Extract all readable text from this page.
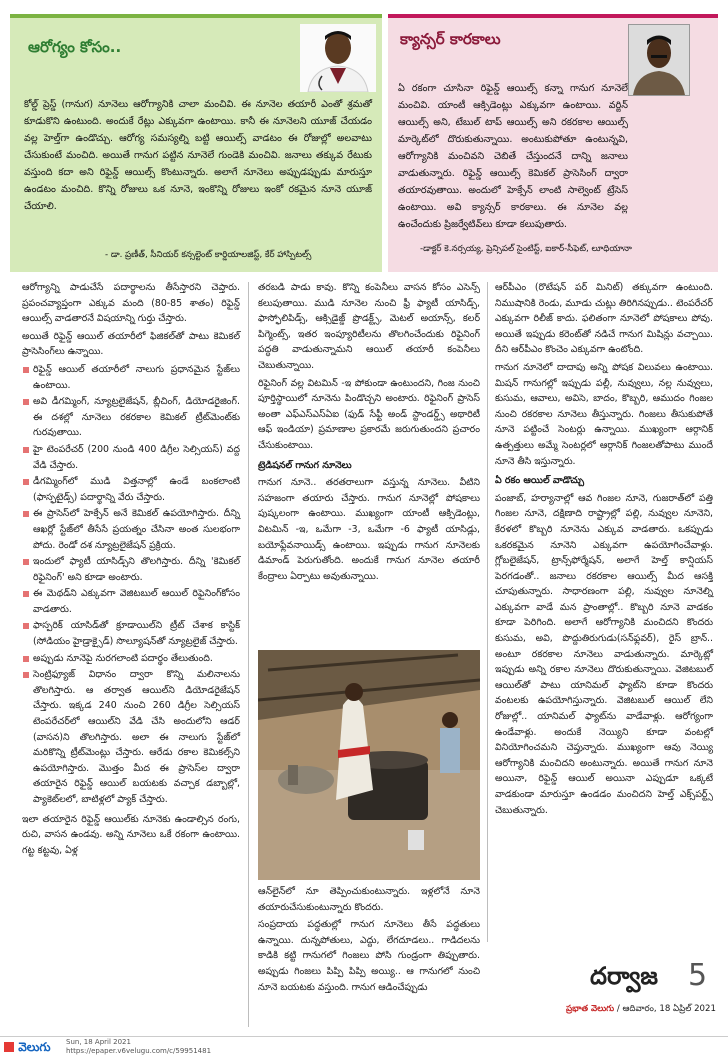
ఆరోగ్యం కోసం..
కోల్డ్ ప్రెస్డ్ (గానుగ) నూనెలు ఆరోగ్యానికి చాలా మంచివి. ఈ నూనెల తయారీ ఎంతో శ్రమతో కూడుకొని ఉంటుంది. అందుకే రేట్లు ఎక్కువగా ఉంటాయి. కానీ ఈ నూనెలని యూజ్ చేయడం వల్ల హెల్త్‌గా ఉండొచ్చు. ఆరోగ్య సమస్యల్ని బట్టి ఆయిల్స్ వాడటం ఈ రోజుల్లో అలవాటు చేసుకుంటే మంచిది. అయితే గానుగ పట్టిన నూనెలే గుండెకి మంచివి. జనాలు తక్కువ రేటుకు వస్తుంది కదా అని రిఫైన్డ్ ఆయిల్స్ కొంటున్నారు. అలాగే నూనెలు అప్పుడప్పుడు మారుస్తూ ఉండటం మంచిది. కొన్ని రోజులు ఒక నూనె, ఇంకొన్ని రోజులు ఇంకో రకమైన నూనె యూజ్ చేయాలి.
- డా. ప్రణీత్, సీనియర్ కన్సల్టెంట్ కార్డియాలజిస్ట్, కేర్ హాస్పిటల్స్
క్యాన్సర్ కారకాలు
ఏ రకంగా చూసినా రిఫైన్డ్ ఆయిల్స్ కన్నా గానుగ నూనెలే మంచివి. యాంటీ ఆక్సిడెంట్లు ఎక్కువగా ఉంటాయి. వర్జిన్ ఆయిల్స్ అని, టేబుల్ టాప్ ఆయిల్స్ అని రకరకాల ఆయిల్స్ మార్కెట్‌లో దొరుకుతున్నాయి. అంటుకుపోతూ ఉంటున్నవి, ఆరోగ్యానికి మంచివని చెబితే చేస్తుందనే దాన్ని జనాలు వాడుతున్నారు. రిఫైన్డ్ ఆయిల్స్ కెమికల్ ప్రాసెసింగ్ ద్వారా తయారవుతాయి. అందులో హెక్సేన్ లాంటి సాల్వెంట్ ట్రేసెస్ ఉంటాయి. అవి క్యాన్సర్ కారకాలు. ఈ నూనెల వల్ల ఉంచేందుకు ప్రిజర్వేటివ్‌లు కూడా కలుపుతారు.
-డాక్టర్ కె.నర్సయ్య, ప్రెన్సిపల్ సైంటిస్ట్, ఐకార్-సీఫెట్, లూధియానా

ఆరోగ్యాన్ని పాడుచేసే పదార్థాలను తీసేస్తారని చెప్తారు. ప్రపంచవ్యాప్తంగా ఎక్కువ మంది (80-85 శాతం) రిఫైన్డ్ ఆయిల్స్ వాడతారనే విషయాన్ని గుర్తు చేస్తారు.

అయితే రిఫైన్డ్ ఆయిల్ తయారీలో ఫిజికల్‌తో పాటు కెమికల్ ప్రాసెసింగ్‌లు ఉన్నాయి.

రిఫైన్డ్ ఆయిల్ తయారీలో నాలుగు ప్రధానమైన స్టేజ్‌లు ఉంటాయి.
అవి డీగమ్మింగ్, న్యూట్రలైజేషన్, బ్లీచింగ్, డియోడరైజింగ్. ఈ దశల్లో నూనెలు రకరకాల కెమికల్ ట్రీట్‌మెంట్‌కు గురవుతాయి.
హై టెంపరేచర్ (200 నుండి 400 డిగ్రీల సెల్సియస్) వద్ద వేడి చేస్తారు.
డీగమ్మింగ్‌లో ముడి విత్తనాల్లో ఉండే బంకలాంటి (ఫాస్ఫటైడ్స్) పదార్థాన్ని వేరు చేస్తారు.
ఈ ప్రాసెస్‌లో హెక్సేన్ అనే కెమికల్ ఉపయోగిస్తారు. దీన్ని ఆఖర్లో స్టేజ్‌లో తీసేసే ప్రయత్నం చేసినా అంత సులభంగా పోదు. రెండో దశ న్యూట్రలైజేషన్ ప్రక్రియ.
ఇందులో ఫ్యాటీ యాసిడ్స్‌ని తొలగిస్తారు. దీన్ని 'కెమికల్ రిఫైనింగ్' అని కూడా అంటారు.
ఈ మెథడ్‌ని ఎక్కువగా వెజిటబుల్ ఆయిల్ రిఫైనింగ్‌కోసం వాడతారు.
ఫాస్పరిక్ యాసిడ్‌తో క్రూడాయిల్‌ని ట్రీట్ చేశాక కాస్టిక్ (సోడియం హైడ్రాక్సైడ్) సొల్యూషన్‌తో న్యూట్రలైజ్ చేస్తారు.
అప్పుడు నూనెపై నురగలాంటి పదార్థం తేలుతుంది.
సెంట్రిఫ్యూజ్ విధానం ద్వారా కొన్ని మలినాలను తొలగిస్తారు. ఆ తర్వాత ఆయిల్‌ని డియోడరైజేషన్ చేస్తారు. ఇక్కడ 240 నుంచి 260 డిగ్రీల సెల్సియస్ టెంపరేచర్‌లో ఆయిల్‌ని వేడి చేసి అందులోని ఆడర్ (వాసన)ని తొలగిస్తారు. అలా ఈ నాలుగు స్టేజ్‌లో మరికొన్ని ట్రీట్‌మెంట్లు చేస్తారు. ఆరేడు రకాల కెమికల్స్‌ని ఉపయోగిస్తారు. మొత్తం మీద ఈ ప్రాసెస్‌ల ద్వారా తయారైన రిఫైన్డ్ ఆయిల్ బయటకు వచ్చాక డబ్బాల్లో, ప్యాకెట్‌లలో, బాటిళ్లలో ప్యాక్ చేస్తారు.

ఇలా తయారైన రిఫైన్డ్ ఆయిల్‌కు నూనెకు ఉండాల్సిన రంగు, రుచి, వాసన ఉండవు. అన్ని నూనెలు ఒకే రకంగా ఉంటాయి. గట్ట కట్టవు, ఏళ్ల

తరబడి పాడు కావు. కొన్ని కంపెనీలు వాసన కోసం ఎసెన్స్ కలుపుతాయి. ముడి నూనెల నుంచి ఫ్రీ ఫ్యాటీ యాసిడ్స్, ఫాస్ఫోలిపిడ్స్, ఆక్సిడైజ్డ్ ప్రొడక్ట్స్, మెటల్ అయాన్స్, కలర్ పిగ్మెంట్స్, ఇతర ఇంప్యూరిటీలను తొలగించేందుకు రిఫైనింగ్ పద్ధతి వాడుతున్నామని ఆయిల్ తయారీ కంపెనీలు చెబుతున్నాయి.

రిఫైనింగ్ వల్ల విటమిన్ -ఇ పోకుండా ఉంటుందని, గింజ నుంచి పూర్తిస్థాయిలో నూనెను పిండొచ్చని అంటారు. రిఫైనింగ్ ప్రాసెస్ అంతా ఎఫ్ఎస్ఎస్ఏఐ (ఫుడ్ సేఫ్టీ అండ్ స్టాండర్డ్స్ అథారిటీ ఆఫ్ ఇండియా) ప్రమాణాల ప్రకారమే జరుగుతుందని ప్రచారం చేసుకుంటాయి.

ట్రెడిషనల్ గానుగ నూనెలు

గానుగ నూనె.. తరతరాలుగా వస్తున్న నూనెలు. వీటిని సహజంగా తయారు చేస్తారు. గానుగ నూనెల్లో పోషకాలు పుష్కలంగా ఉంటాయి. ముఖ్యంగా యాంటీ ఆక్సిడెంట్లు, విటమిన్ -ఇ, ఒమేగా -3, ఒమేగా -6 ఫ్యాటీ యాసిడ్లు, బయోఫ్లేవనాయిడ్స్ ఉంటాయి. ఇప్పుడు గానుగ నూనెలకు డిమాండ్ పెరుగుతోంది. అందుకే గానుగ నూనెల తయారీ కేంద్రాలు ఏర్పాటు అవుతున్నాయి.

ఆన్‌లైన్‌లో నూ తెప్పించుకుంటున్నారు. ఇళ్లలోనే నూనె తయారుచేసుకుంటున్నారు కొందరు.

సంప్రదాయ పద్ధతుల్లో గానుగ నూనెలు తీసే పద్ధతులు ఉన్నాయి. దున్నపోతులు, ఎద్దు, లేగదూడలు.. గాడిదలను కాడికి కట్టి గానుగలో గింజలు పోసి గుండ్రంగా తిప్పుతారు. అప్పుడు గింజలు పిప్పి పిప్పి అయ్యి.. ఆ గానుగలో నుంచి నూనె బయటకు వస్తుంది. గానుగ ఆడించేప్పుడు

ఆర్‌పీఎం (రొటేషన్ పర్ మినిట్) తక్కువగా ఉంటుంది. నిముషానికి రెండు, మూడు చుట్లు తిరిగినప్పుడు.. టెంపరేచర్ ఎక్కువగా రిలీజ్ కాదు. ఫలితంగా నూనెలో పోషకాలు పోవు. అయితే ఇప్పుడు కరెంట్‌తో నడిచే గానుగ మిషిన్లు వచ్చాయి. దీని ఆర్‌పీఎం కొంచెం ఎక్కువగా ఉంటోంది.

గానుగ నూనెలో దాదాపు అన్ని పోషక విలువలు ఉంటాయి. మిషన్ గానుగల్లో ఇప్పుడు పల్లీ, నువ్వులు, నల్ల నువ్వులు, కుసుమ, ఆవాలు, అవిసె, బాదం, కొబ్బరి, ఆముదం గింజల నుంచి రకరకాల నూనెలు తీస్తున్నారు. గింజలు తీసుకుపోతే నూనె పట్టించే సెంటర్లు ఉన్నాయి. ముఖ్యంగా ఆర్గానిక్ ఉత్పత్తులు అమ్మే సెంటర్లలో ఆర్గానిక్ గింజలతోపాటు ముందే నూనె తీసి ఇస్తున్నారు.

ఏ రకం ఆయిల్ వాడొచ్చు

పంజాబ్, హర్యానాల్లో ఆవ గింజల నూనె, గుజరాత్‌లో పత్తి గింజల నూనె, దక్షిణాది రాష్ట్రాల్లో పల్లి, నువ్వుల నూనెని, కేరళలో కొబ్బరి నూనెను ఎక్కువ వాడతారు. ఒకప్పుడు ఒకరకమైన నూనెని ఎక్కువగా ఉపయోగించేవాళ్లు. గ్లోబలైజేషన్, ట్రాన్స్‌ఫోర్మేషన్, అలాగే హెల్త్ కాన్షియస్ పెరగడంతో.. జనాలు రకరకాల ఆయిల్స్ మీద ఆసక్తి చూపుతున్నారు. సాధారణంగా పల్లి, నువ్వుల నూనెల్ని ఎక్కువగా వాడే మన ప్రాంతాల్లో.. కొబ్బరి నూనె వాడకం కూడా పెరిగింది. అలాగే ఆరోగ్యానికి మంచిదని కొందరు కుసుమ, అవి, పొద్దుతిరుగుడు(సన్‌ఫ్లవర్), రైస్ బ్రాన్.. అంటూ రకరకాల నూనెలు వాడుతున్నారు. మార్కెట్లో ఇప్పుడు అన్ని రకాల నూనెలు దొరుకుతున్నాయి. వెజిటబుల్ ఆయిల్‌తో పాటు యానిమల్ ఫ్యాట్‌ని కూడా కొందరు వంటలకు ఉపయోగిస్తున్నారు. వెజిటబుల్ ఆయిల్ లేని రోజుల్లో.. యానిమల్ ఫ్యాట్‌ను వాడేవాళ్లు. ఆరోగ్యంగా ఉండేవాళ్లు. అందుకే నెయ్యిని కూడా వంటల్లో వినియోగించమని చెప్తున్నారు. ముఖ్యంగా ఆవు నెయ్యి ఆరోగ్యానికి మంచిదని అంటున్నారు. అయితే గానుగ నూనె అయినా, రిఫైన్డ్ ఆయిల్ అయినా ఎప్పుడూ ఒక్కటే వాడకుండా మారుస్తూ ఉండడం మంచిదని హెల్త్ ఎక్స్‌పర్ట్స్ చెబుతున్నారు.

దర్వాజ 5
ప్రభాత వెలుగు / ఆదివారం, 18 ఏప్రిల్ 2021
వెలుగు Sun, 18 April 2021
https://epaper.v6velugu.com/c/59951481
